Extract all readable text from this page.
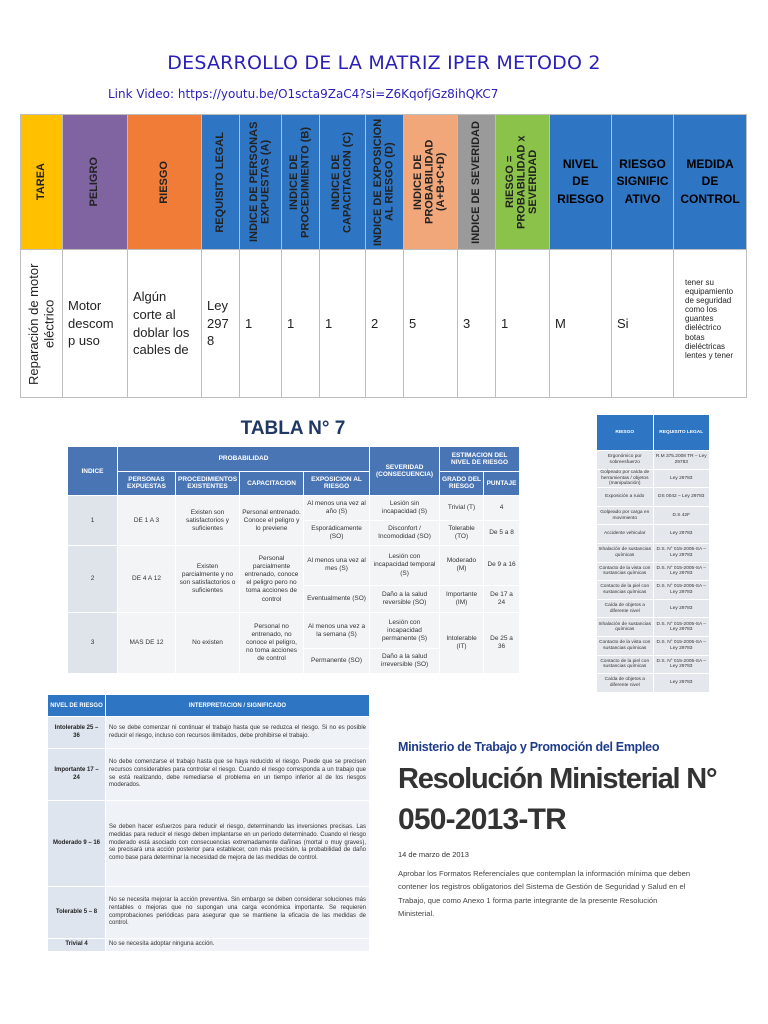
DESARROLLO DE LA MATRIZ IPER METODO 2
Link Video: https://youtu.be/O1scta9ZaC4?si=Z6KqofjGz8ihQKC7
TAREA	PELIGRO	RIESGO	REQUISITO LEGAL	INDICE DE PERSONAS EXPUESTAS (A)	INDICE DE PROCEDIMIENTO (B)	INDICE DE CAPACITACION (C)	INDICE DE EXPOSICION AL RIESGO (D)	INDICE DE PROBABILIDAD (A+B+C+D)	INDICE DE SEVERIDAD	RIESGO = PROBABILIDAD x SEVERIDAD	NIVEL DE RIESGO	RIESGO SIGNIFIC ATIVO	MEDIDA DE CONTROL

Reparación de motor eléctrico	Motor descom p uso	Algún corte al doblar los cables de	Ley 297 8	1	1	1	2	5	3	1	M	Si	tener su equipamiento de seguridad como los guantes dieléctrico botas dieléctricas lentes y tener
TABLA N° 7
INDICE	PROBABILIDAD				SEVERIDAD (CONSECUENCIA)	ESTIMACION DEL NIVEL DE RIESGO	
	PERSONAS EXPUESTAS	PROCEDIMIENTOS EXISTENTES	CAPACITACION	EXPOSICION AL RIESGO		GRADO DEL RIESGO	PUNTAJE
1	DE 1 A 3	Existen son satisfactorios y suficientes	Personal entrenado. Conoce el peligro y lo previene	Al menos una vez al año (S)	Lesión sin incapacidad (S)	Trivial (T)	4
				Esporádicamente (SO)	Disconfort / Incomodidad (SO)	Tolerable (TO)	De 5 a 8
2	DE 4 A 12	Existen parcialmente y no son satisfactorios o suficientes	Personal parcialmente entrenado, conoce el peligro pero no toma acciones de control	Al menos una vez al mes (S)	Lesión con incapacidad temporal (S)	Moderado (M)	De 9 a 16
				Eventualmente (SO)	Daño a la salud reversible (SO)	Importante (IM)	De 17 a 24
3	MAS DE 12	No existen	Personal no entrenado, no conoce el peligro, no toma acciones de control	Al menos una vez a la semana (S)	Lesión con incapacidad permanente (S)	Intolerable (IT)	De 25 a 36
				Permanente (SO)	Daño a la salud irreversible (SO)		
RIESGO	REQUISITO LEGAL
Ergonómico por sobreesfuerzo	R.M 375.2008 TR – Ley 29783
Golpeado por caída de herramientas / objetos (manipulación)	Ley 29783
Exposición a ruido	DS 0042 – Ley 29783
Golpeado por carga en movimiento	D.S 42F
Accidente vehicular	Ley 29783
Inhalación de sustancias químicas	D.S. N° 015-2005-SA – Ley 29783
Contacto de la vista con sustancias químicas	D.S. N° 015-2005-SA – Ley 29783
Contacto de la piel con sustancias químicas	D.S. N° 015-2005-SA – Ley 29783
Caída de objetos a diferente nivel	Ley 29783
Inhalación de sustancias químicas	D.S. N° 015-2005-SA – Ley 29783
Contacto de la vista con sustancias químicas	D.S. N° 015-2005-SA – Ley 29783
Contacto de la piel con sustancias químicas	D.S. N° 015-2005-SA – Ley 29783
Caída de objetos a diferente nivel	Ley 29783
NIVEL DE RIESGO	INTERPRETACION / SIGNIFICADO
Intolerable 25 – 36	No se debe comenzar ni continuar el trabajo hasta que se reduzca el riesgo. Si no es posible reducir el riesgo, incluso con recursos ilimitados, debe prohibirse el trabajo.
Importante 17 – 24	No debe comenzarse el trabajo hasta que se haya reducido el riesgo. Puede que se precisen recursos considerables para controlar el riesgo. Cuando el riesgo corresponda a un trabajo que se está realizando, debe remediarse el problema en un tiempo inferior al de los riesgos moderados.
Moderado 9 – 16	Se deben hacer esfuerzos para reducir el riesgo, determinando las inversiones precisas. Las medidas para reducir el riesgo deben implantarse en un período determinado. Cuando el riesgo moderado está asociado con consecuencias extremadamente dañinas (mortal o muy graves), se precisará una acción posterior para establecer, con más precisión, la probabilidad de daño como base para determinar la necesidad de mejora de las medidas de control.
Tolerable 5 – 8	No se necesita mejorar la acción preventiva. Sin embargo se deben considerar soluciones más rentables o mejoras que no supongan una carga económica importante. Se requieren comprobaciones periódicas para asegurar que se mantiene la eficacia de las medidas de control.
Trivial 4	No se necesita adoptar ninguna acción.
Ministerio de Trabajo y Promoción del Empleo
Resolución Ministerial N°
050-2013-TR
14 de marzo de 2013
Aprobar los Formatos Referenciales que contemplan la información mínima que deben contener los registros obligatorios del Sistema de Gestión de Seguridad y Salud en el Trabajo, que como Anexo 1 forma parte integrante de la presente Resolución Ministerial.
